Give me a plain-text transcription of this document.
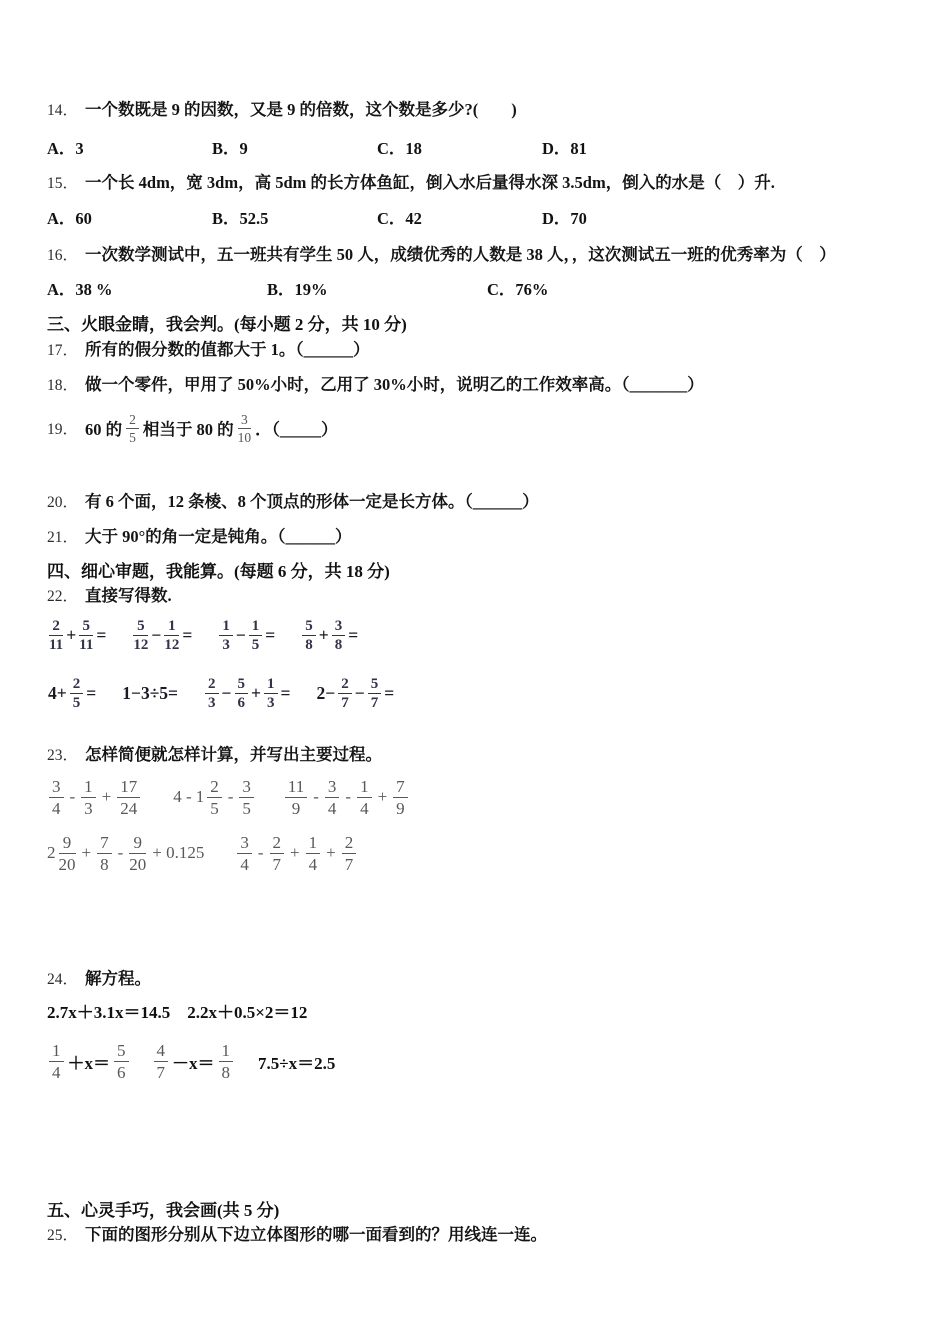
14． 一个数既是 9 的因数，又是 9 的倍数，这个数是多少?(　　)
A．3	B．9	C．18	D．81
15． 一个长 4dm，宽 3dm，高 5dm 的长方体鱼缸，倒入水后量得水深 3.5dm，倒入的水是（　）升.
A．60	B．52.5	C．42	D．70
16． 一次数学测试中，五一班共有学生 50 人，成绩优秀的人数是 38 人，，这次测试五一班的优秀率为（　）
A．38 %	B．19%	C．76%
三、火眼金睛，我会判。(每小题 2 分，共 10 分)
17． 所有的假分数的值都大于 1。（______）
18． 做一个零件，甲用了 50%小时，乙用了 30%小时，说明乙的工作效率高。（_______）
19． 60 的 $\frac{2}{5}$ 相当于 80 的 $\frac{3}{10}$ ．（_____）
20． 有 6 个面，12 条棱、8 个顶点的形体一定是长方体。（______）
21． 大于 90°的角一定是钝角。（______）
四、细心审题，我能算。(每题 6 分，共 18 分)
22． 直接写得数.
$\frac{2}{11} + \frac{5}{11} = \frac{5}{12} - \frac{1}{12} = \frac{1}{3} - \frac{1}{5} = \frac{5}{8} + \frac{3}{8}$ =
$4+ \frac{2}{5} = 1-3\div 5= \frac{2}{3} - \frac{5}{6} + \frac{1}{3} = 2- \frac{2}{7} - \frac{5}{7}$ =
23． 怎样简便就怎样计算，并写出主要过程。
$\frac{3}{4} - \frac{1}{3} + \frac{17}{24} 4 - 1 \frac{2}{5} - \frac{3}{5} \frac{11}{9} - \frac{3}{4} - \frac{1}{4} + \frac{7}{9}$
$2 \frac{9}{20} + \frac{7}{8} - \frac{9}{20} + 0.125 \frac{3}{4} - \frac{2}{7} + \frac{1}{4} + \frac{2}{7}$
24． 解方程。
2.7x＋3.1x＝14.5 2.2x＋0.5×2＝12
$\frac{1}{4} +x= \frac{5}{6} \frac{4}{7} -x= \frac{1}{8} 7.5\div x=2.5$
五、心灵手巧，我会画(共 5 分)
25． 下面的图形分别从下边立体图形的哪一面看到的？用线连一连。
